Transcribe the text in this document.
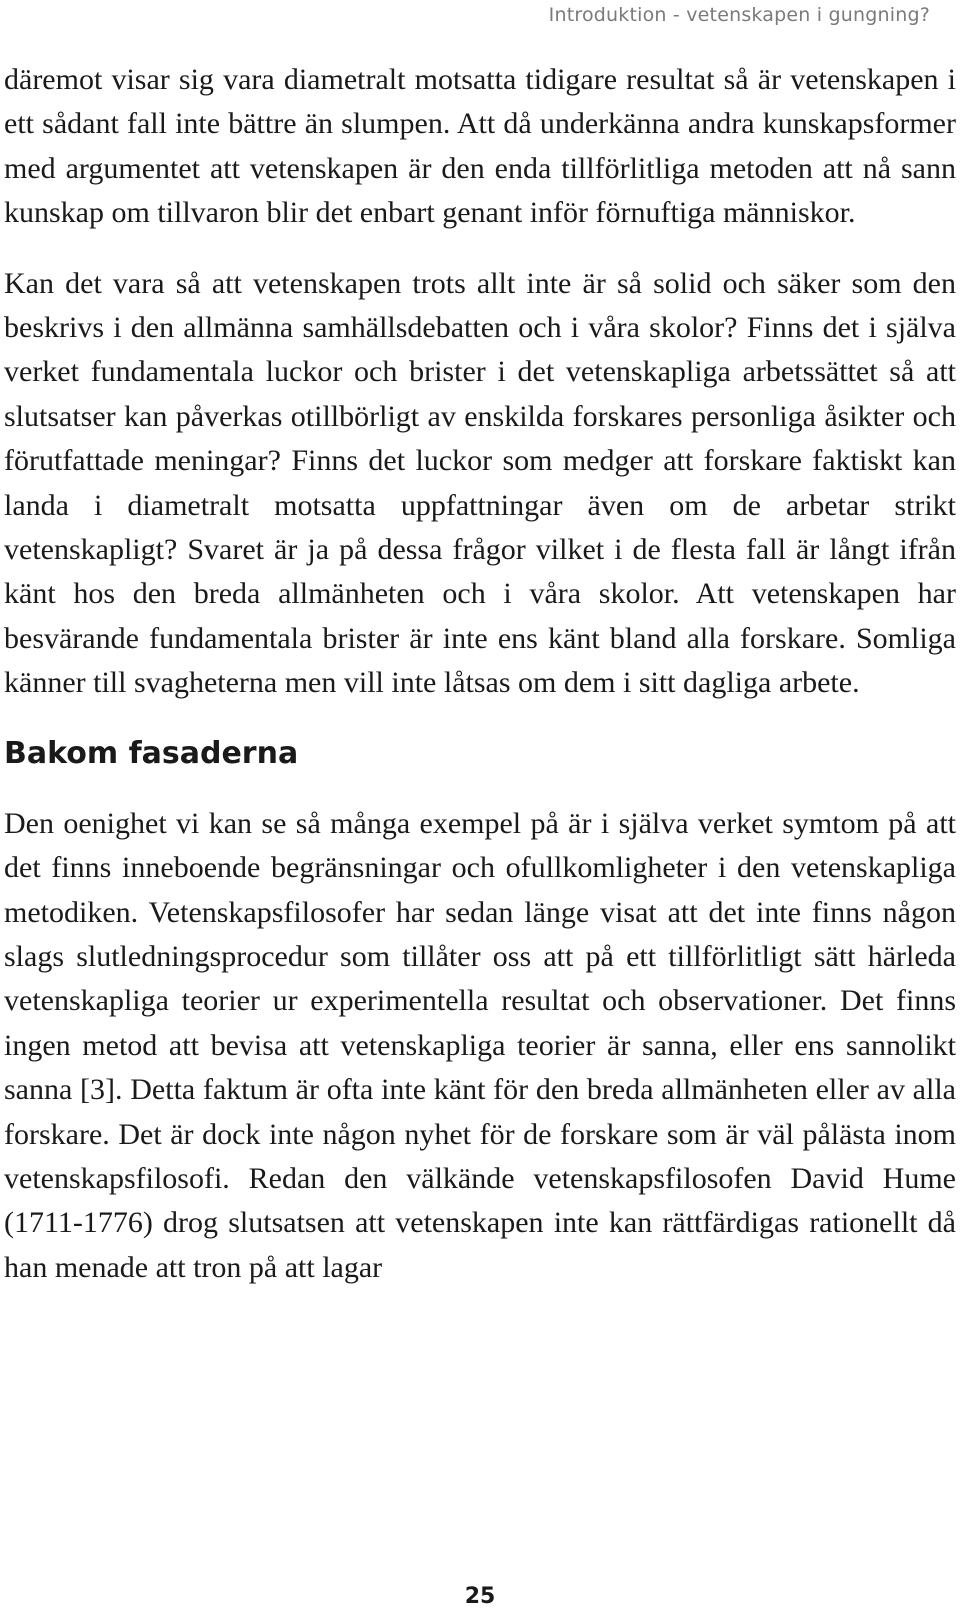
Introduktion - vetenskapen i gungning?

däremot visar sig vara diametralt motsatta tidigare resultat så är vetenskapen i ett sådant fall inte bättre än slumpen. Att då underkänna andra kunskapsformer med argumentet att vetenskapen är den enda tillförlitliga metoden att nå sann kunskap om tillvaron blir det enbart genant inför förnuftiga människor.

Kan det vara så att vetenskapen trots allt inte är så solid och säker som den beskrivs i den allmänna samhällsdebatten och i våra skolor? Finns det i själva verket fundamentala luckor och brister i det vetenskapliga arbetssättet så att slutsatser kan påverkas otillbörligt av enskilda forskares personliga åsikter och förutfattade meningar? Finns det luckor som medger att forskare faktiskt kan landa i diametralt motsatta uppfattningar även om de arbetar strikt vetenskapligt? Svaret är ja på dessa frågor vilket i de flesta fall är långt ifrån känt hos den breda allmänheten och i våra skolor. Att vetenskapen har besvärande fundamentala brister är inte ens känt bland alla forskare. Somliga känner till svagheterna men vill inte låtsas om dem i sitt dagliga arbete.

Bakom fasaderna

Den oenighet vi kan se så många exempel på är i själva verket symtom på att det finns inneboende begränsningar och ofullkomligheter i den vetenskapliga metodiken. Vetenskapsfilosofer har sedan länge visat att det inte finns någon slags slutledningsprocedur som tillåter oss att på ett tillförlitligt sätt härleda vetenskapliga teorier ur experimentella resultat och observationer. Det finns ingen metod att bevisa att vetenskapliga teorier är sanna, eller ens sannolikt sanna [3]. Detta faktum är ofta inte känt för den breda allmänheten eller av alla forskare. Det är dock inte någon nyhet för de forskare som är väl pålästa inom vetenskapsfilosofi. Redan den välkände vetenskapsfilosofen David Hume (1711-1776) drog slutsatsen att vetenskapen inte kan rättfärdigas rationellt då han menade att tron på att lagar

25
